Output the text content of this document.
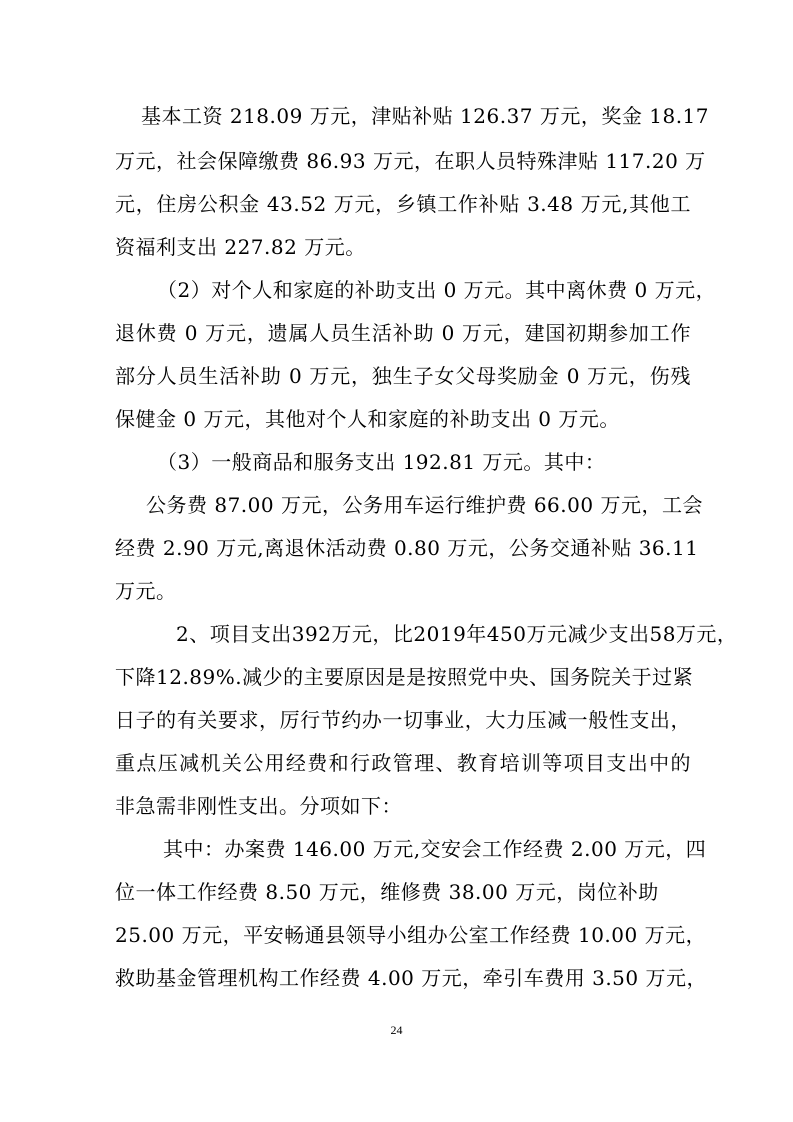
基本工资 218.09 万元，津贴补贴 126.37 万元，奖金 18.17
万元，社会保障缴费 86.93 万元，在职人员特殊津贴 117.20 万
元，住房公积金 43.52 万元，乡镇工作补贴 3.48 万元,其他工
资福利支出 227.82 万元。
（2）对个人和家庭的补助支出 0 万元。其中离休费 0 万元，
退休费 0 万元，遗属人员生活补助 0 万元，建国初期参加工作
部分人员生活补助 0 万元，独生子女父母奖励金 0 万元，伤残
保健金 0 万元，其他对个人和家庭的补助支出 0 万元。
（3）一般商品和服务支出 192.81 万元。其中：
公务费 87.00 万元，公务用车运行维护费 66.00 万元，工会
经费 2.90 万元,离退休活动费 0.80 万元，公务交通补贴 36.11
万元。
2、项目支出392万元，比2019年450万元减少支出58万元，
下降12.89%.减少的主要原因是是按照党中央、国务院关于过紧
日子的有关要求，厉行节约办一切事业，大力压减一般性支出，
重点压减机关公用经费和行政管理、教育培训等项目支出中的
非急需非刚性支出。分项如下：
其中：办案费 146.00 万元,交安会工作经费 2.00 万元，四
位一体工作经费 8.50 万元，维修费 38.00 万元，岗位补助
25.00 万元，平安畅通县领导小组办公室工作经费 10.00 万元，
救助基金管理机构工作经费 4.00 万元，牵引车费用 3.50 万元，
24
